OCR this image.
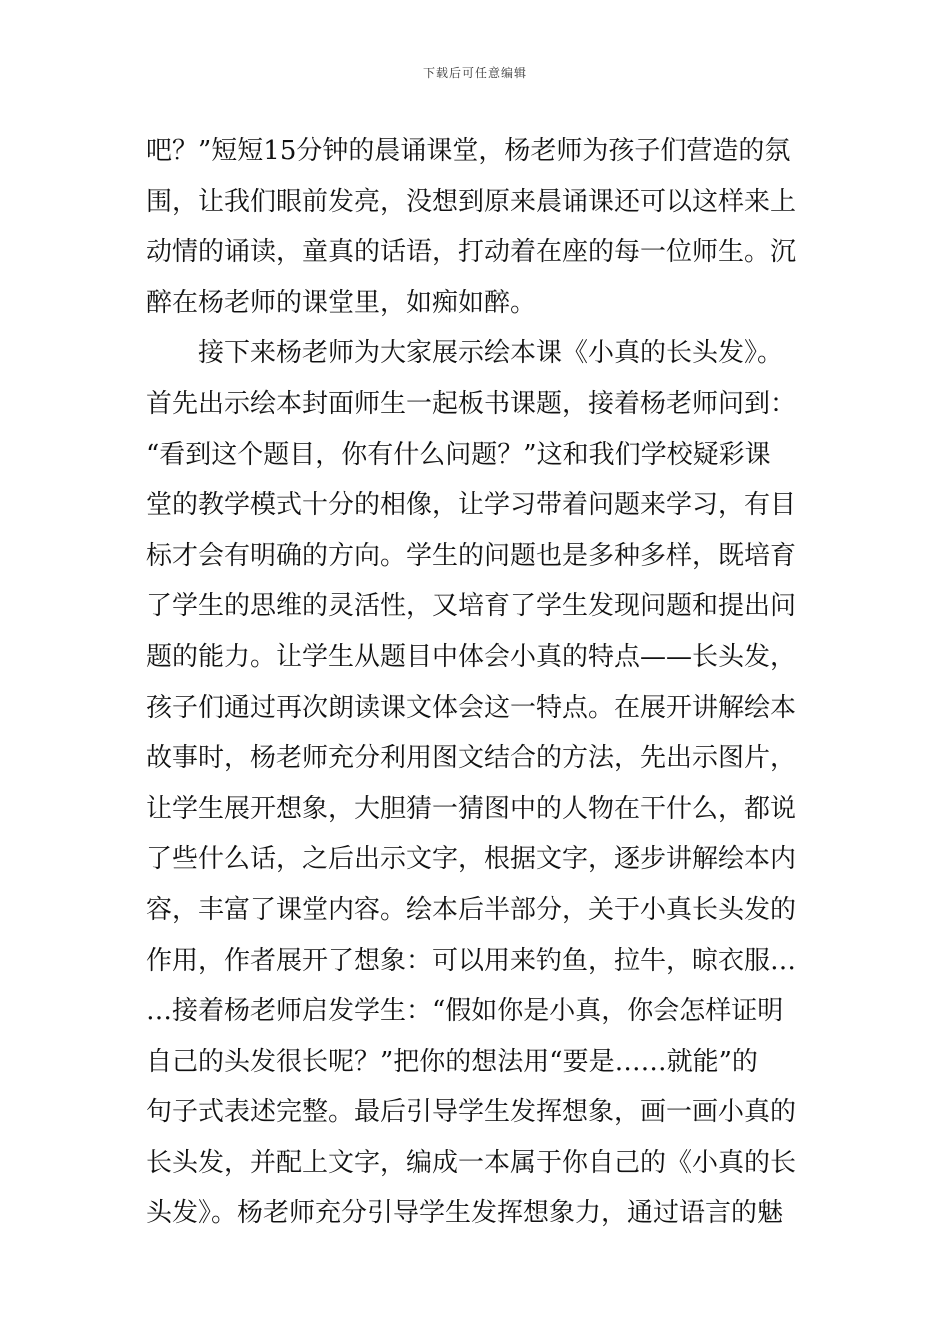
下载后可任意编辑
吧？”短短15分钟的晨诵课堂，杨老师为孩子们营造的氛
围，让我们眼前发亮，没想到原来晨诵课还可以这样来上
动情的诵读，童真的话语，打动着在座的每一位师生。沉
醉在杨老师的课堂里，如痴如醉。
　　接下来杨老师为大家展示绘本课《小真的长头发》。
首先出示绘本封面师生一起板书课题，接着杨老师问到：
“看到这个题目，你有什么问题？”这和我们学校疑彩课
堂的教学模式十分的相像，让学习带着问题来学习，有目
标才会有明确的方向。学生的问题也是多种多样，既培育
了学生的思维的灵活性，又培育了学生发现问题和提出问
题的能力。让学生从题目中体会小真的特点——长头发，
孩子们通过再次朗读课文体会这一特点。在展开讲解绘本
故事时，杨老师充分利用图文结合的方法，先出示图片，
让学生展开想象，大胆猜一猜图中的人物在干什么，都说
了些什么话，之后出示文字，根据文字，逐步讲解绘本内
容，丰富了课堂内容。绘本后半部分，关于小真长头发的
作用，作者展开了想象：可以用来钓鱼，拉牛，晾衣服…
…接着杨老师启发学生：“假如你是小真，你会怎样证明
自己的头发很长呢？”把你的想法用“要是……就能”的
句子式表述完整。最后引导学生发挥想象，画一画小真的
长头发，并配上文字，编成一本属于你自己的《小真的长
头发》。杨老师充分引导学生发挥想象力，通过语言的魅
